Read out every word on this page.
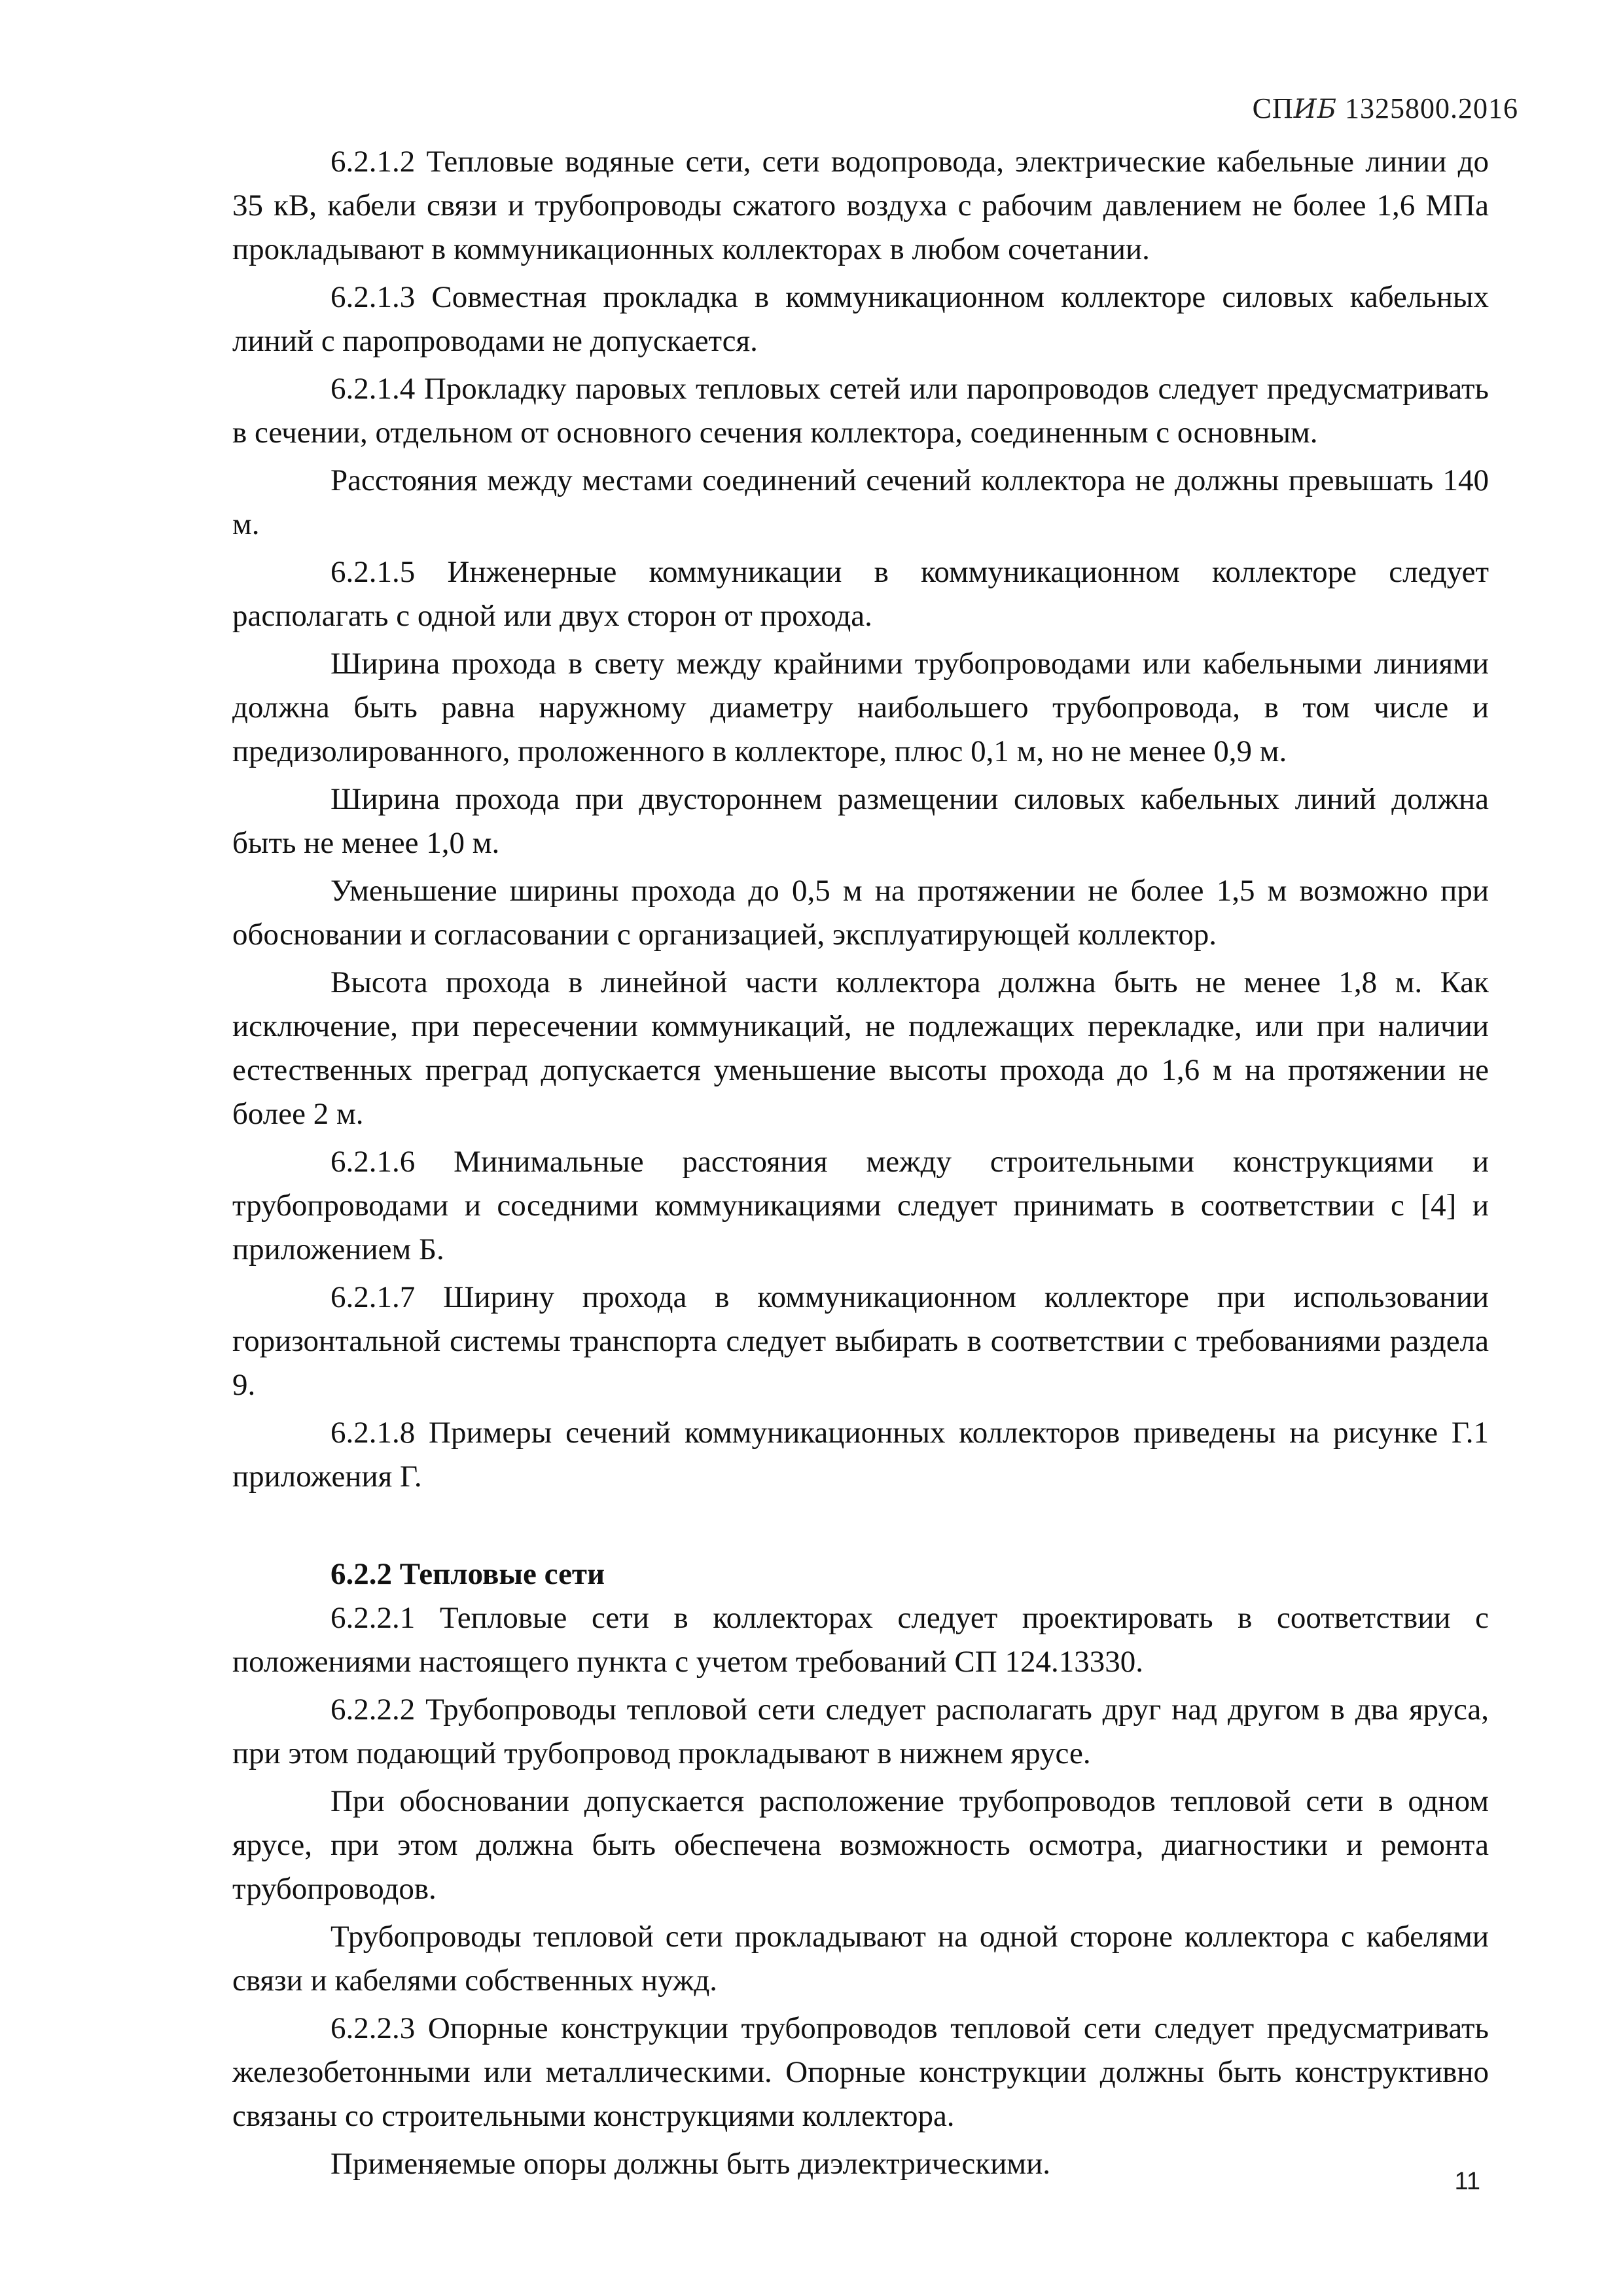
СПИБ 1325800.2016

6.2.1.2 Тепловые водяные сети, сети водопровода, электрические кабельные линии до 35 кВ, кабели связи и трубопроводы сжатого воздуха с рабочим давлением не более 1,6 МПа прокладывают в коммуникационных коллекторах в любом сочетании.

6.2.1.3 Совместная прокладка в коммуникационном коллекторе силовых кабельных линий с паропроводами не допускается.

6.2.1.4 Прокладку паровых тепловых сетей или паропроводов следует предусматривать в сечении, отдельном от основного сечения коллектора, соединенным с основным.

Расстояния между местами соединений сечений коллектора не должны превышать 140 м.

6.2.1.5 Инженерные коммуникации в коммуникационном коллекторе следует располагать с одной или двух сторон от прохода.

Ширина прохода в свету между крайними трубопроводами или кабельными линиями должна быть равна наружному диаметру наибольшего трубопровода, в том числе и предизолированного, проложенного в коллекторе, плюс 0,1 м, но не менее 0,9 м.

Ширина прохода при двустороннем размещении силовых кабельных линий должна быть не менее 1,0 м.

Уменьшение ширины прохода до 0,5 м на протяжении не более 1,5 м возможно при обосновании и согласовании с организацией, эксплуатирующей коллектор.

Высота прохода в линейной части коллектора должна быть не менее 1,8 м. Как исключение, при пересечении коммуникаций, не подлежащих перекладке, или при наличии естественных преград допускается уменьшение высоты прохода до 1,6 м на протяжении не более 2 м.

6.2.1.6 Минимальные расстояния между строительными конструкциями и трубопроводами и соседними коммуникациями следует принимать в соответствии с [4] и приложением Б.

6.2.1.7 Ширину прохода в коммуникационном коллекторе при использовании горизонтальной системы транспорта следует выбирать в соответствии с требованиями раздела 9.

6.2.1.8 Примеры сечений коммуникационных коллекторов приведены на рисунке Г.1 приложения Г.

6.2.2 Тепловые сети

6.2.2.1 Тепловые сети в коллекторах следует проектировать в соответствии с положениями настоящего пункта с учетом требований СП 124.13330.

6.2.2.2 Трубопроводы тепловой сети следует располагать друг над другом в два яруса, при этом подающий трубопровод прокладывают в нижнем ярусе.

При обосновании допускается расположение трубопроводов тепловой сети в одном ярусе, при этом должна быть обеспечена возможность осмотра, диагностики и ремонта трубопроводов.

Трубопроводы тепловой сети прокладывают на одной стороне коллектора с кабелями связи и кабелями собственных нужд.

6.2.2.3 Опорные конструкции трубопроводов тепловой сети следует предусматривать железобетонными или металлическими. Опорные конструкции должны быть конструктивно связаны со строительными конструкциями коллектора.

Применяемые опоры должны быть диэлектрическими.

11
